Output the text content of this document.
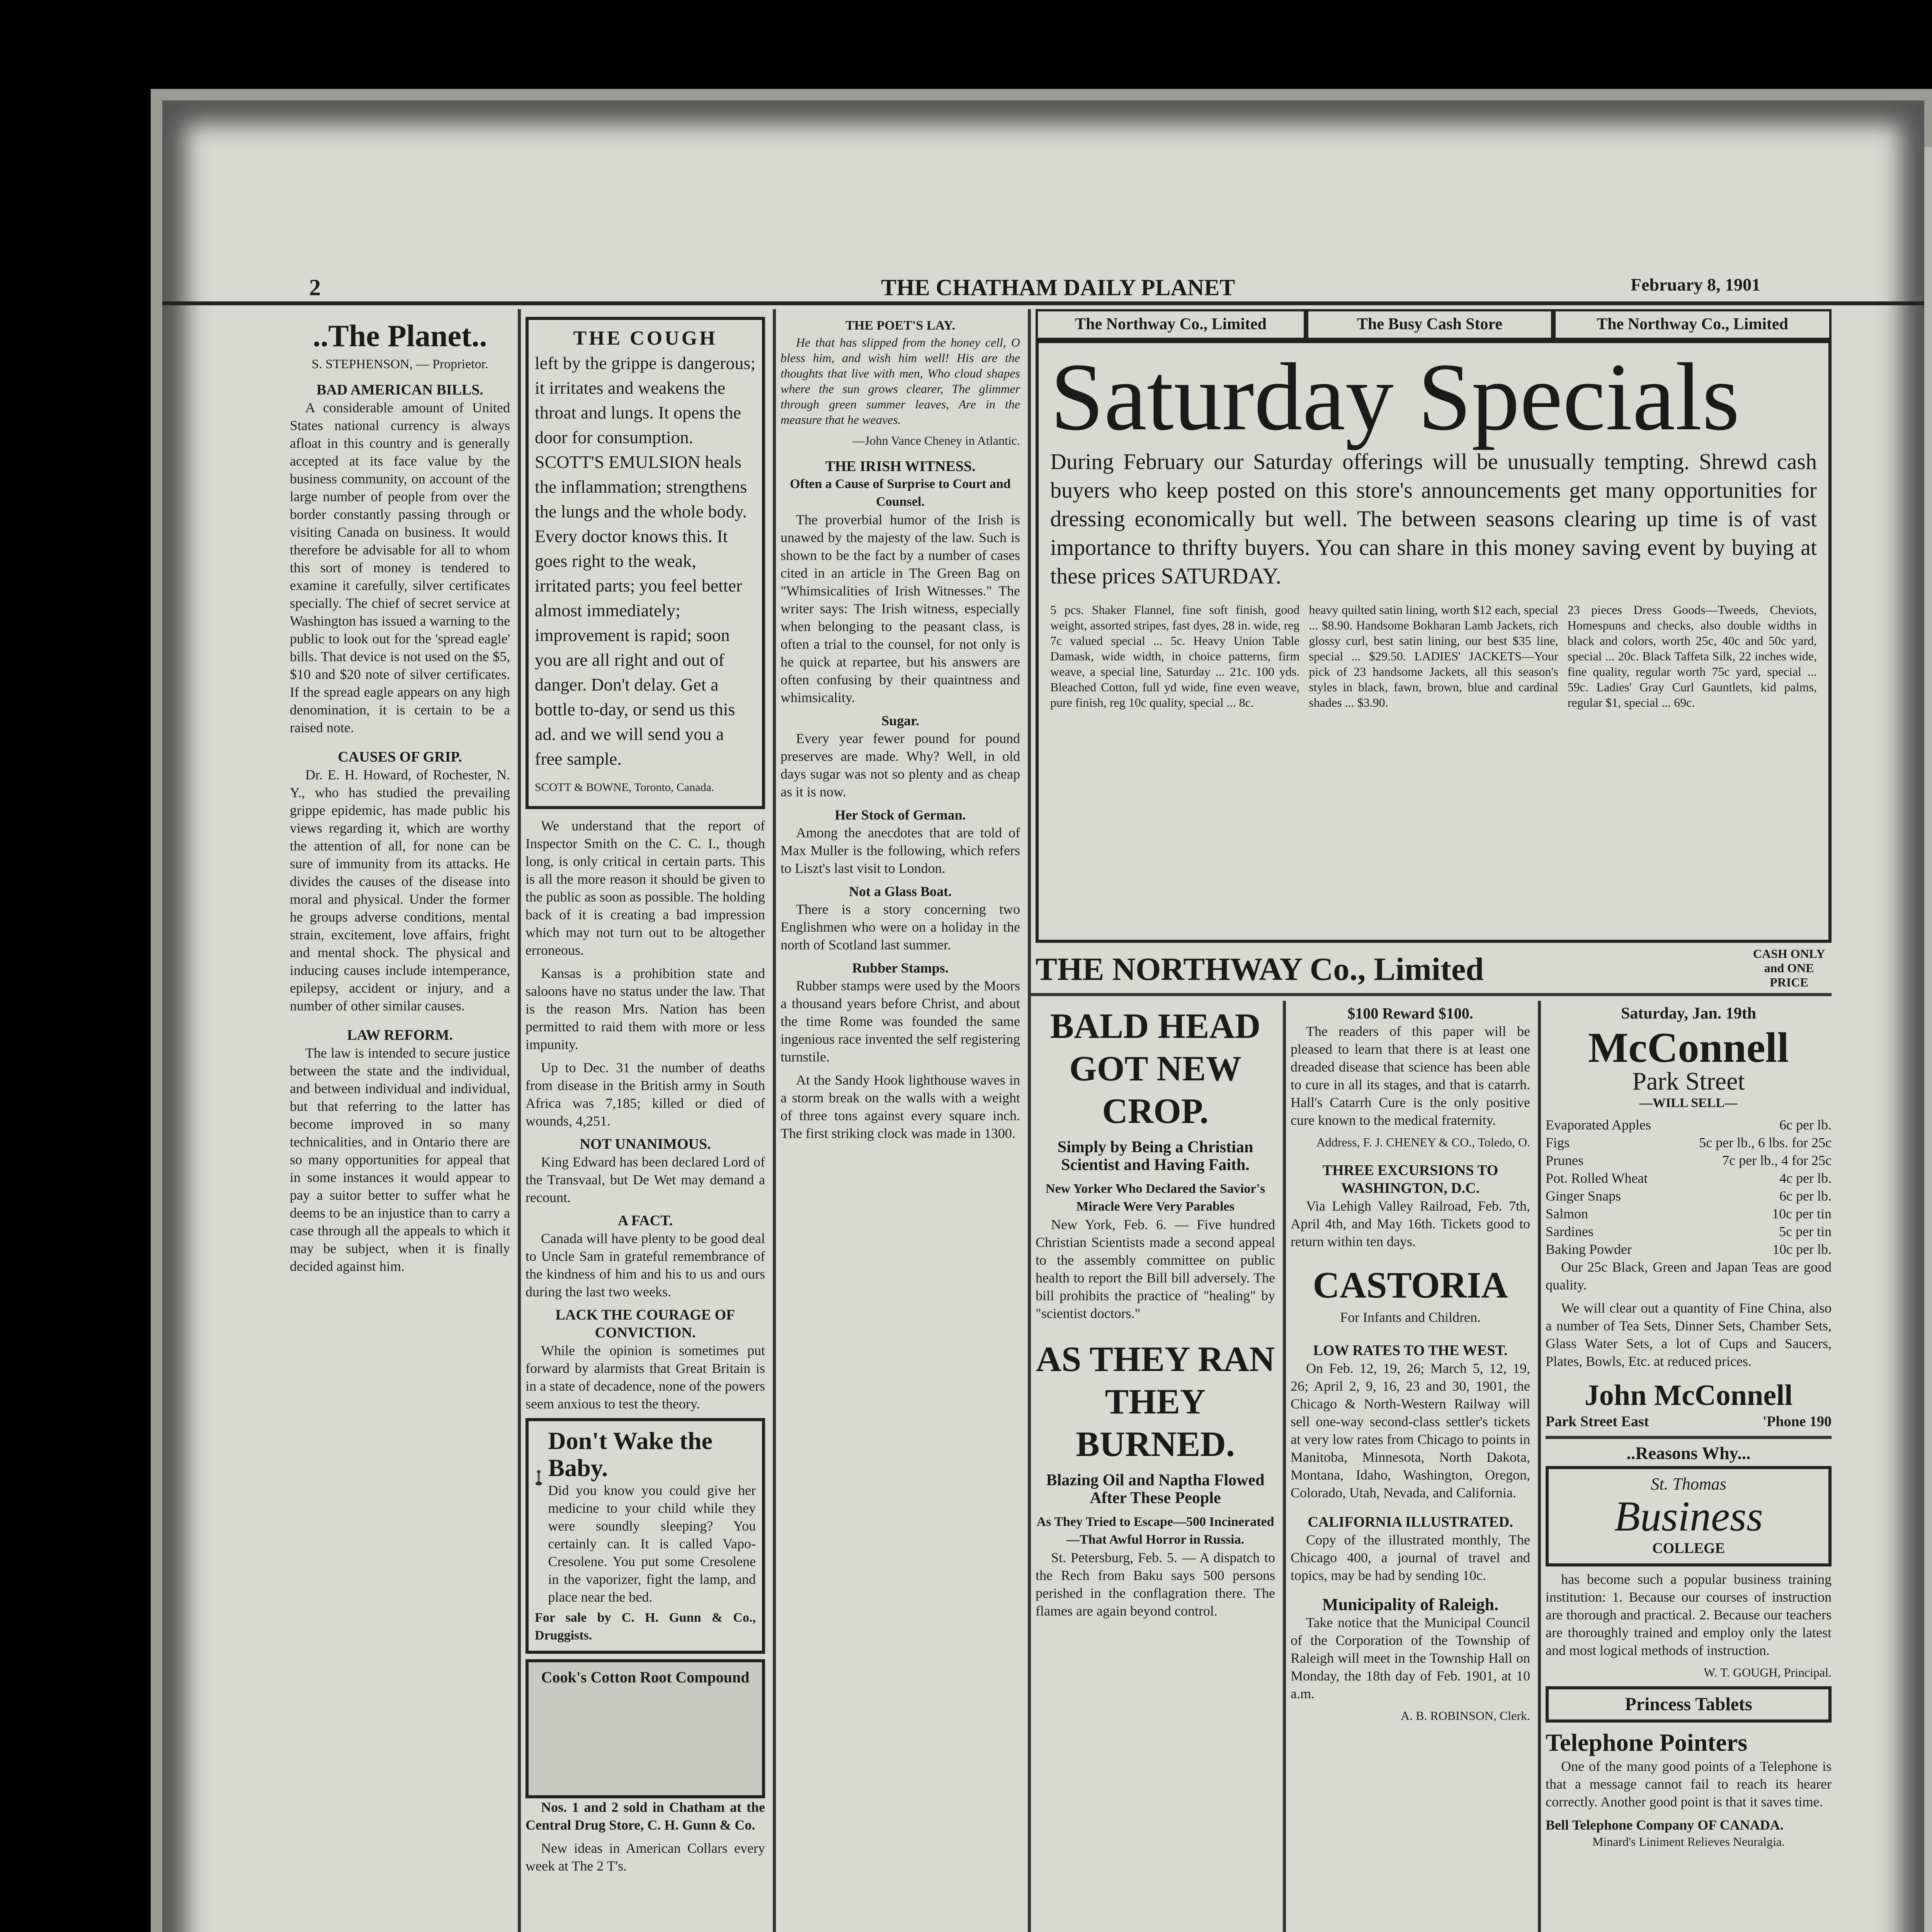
2	THE CHATHAM DAILY PLANET	February 8, 1901
..The Planet..
S. STEPHENSON, — Proprietor.
BAD AMERICAN BILLS.

A considerable amount of United States national currency is always afloat in this country and is generally accepted at its face value by the business community, on account of the large number of people from over the border constantly passing through or visiting Canada on business. It would therefore be advisable for all to whom this sort of money is tendered to examine it carefully, silver certificates specially. The chief of secret service at Washington has issued a warning to the public to look out for the 'spread eagle' bills. That device is not used on the $5, $10 and $20 note of silver certificates. If the spread eagle appears on any high denomination, it is certain to be a raised note.

CAUSES OF GRIP.

Dr. E. H. Howard, of Rochester, N. Y., who has studied the prevailing grippe epidemic, has made public his views regarding it, which are worthy the attention of all, for none can be sure of immunity from its attacks. He divides the causes of the disease into moral and physical. Under the former he groups adverse conditions, mental strain, excitement, love affairs, fright and mental shock. The physical and inducing causes include intemperance, epilepsy, accident or injury, and a number of other similar causes.

LAW REFORM.

The law is intended to secure justice between the state and the individual, and between individual and individual, but that referring to the latter has become improved in so many technicalities, and in Ontario there are so many opportunities for appeal that in some instances it would appear to pay a suitor better to suffer what he deems to be an injustice than to carry a case through all the appeals to which it may be subject, when it is finally decided against him.

THE COUGH
left by the grippe is dangerous; it irritates and weakens the throat and lungs. It opens the door for consumption. SCOTT'S EMULSION heals the inflammation; strengthens the lungs and the whole body. Every doctor knows this. It goes right to the weak, irritated parts; you feel better almost immediately; improvement is rapid; soon you are all right and out of danger. Don't delay. Get a bottle to-day, or send us this ad. and we will send you a free sample.
SCOTT & BOWNE, Toronto, Canada.

We understand that the report of Inspector Smith on the C. C. I., though long, is only critical in certain parts. This is all the more reason it should be given to the public as soon as possible. The holding back of it is creating a bad impression which may not turn out to be altogether erroneous.

Kansas is a prohibition state and saloons have no status under the law. That is the reason Mrs. Nation has been permitted to raid them with more or less impunity.

Up to Dec. 31 the number of deaths from disease in the British army in South Africa was 7,185; killed or died of wounds, 4,251.

NOT UNANIMOUS.

King Edward has been declared Lord of the Transvaal, but De Wet may demand a recount.

A FACT.

Canada will have plenty to be good deal to Uncle Sam in grateful remembrance of the kindness of him and his to us and ours during the last two weeks.

LACK THE COURAGE OF CONVICTION.

While the opinion is sometimes put forward by alarmists that Great Britain is in a state of decadence, none of the powers seem anxious to test the theory.

Don't Wake the Baby.
Did you know you could give her medicine to your child while they were soundly sleeping? You certainly can. It is called Vapo-Cresolene. You put some Cresolene in the vaporizer, fight the lamp, and place near the bed.
For sale by C. H. Gunn & Co., Druggists.
Cook's Cotton Root Compound

Nos. 1 and 2 sold in Chatham at the Central Drug Store, C. H. Gunn & Co.

New ideas in American Collars every week at The 2 T's.

THE POET'S LAY.

He that has slipped from the honey cell, O bless him, and wish him well! His are the thoughts that live with men, Who cloud shapes where the sun grows clearer, The glimmer through green summer leaves, Are in the measure that he weaves.

—John Vance Cheney in Atlantic.
THE IRISH WITNESS.
Often a Cause of Surprise to Court and Counsel.

The proverbial humor of the Irish is unawed by the majesty of the law. Such is shown to be the fact by a number of cases cited in an article in The Green Bag on "Whimsicalities of Irish Witnesses." The writer says: The Irish witness, especially when belonging to the peasant class, is often a trial to the counsel, for not only is he quick at repartee, but his answers are often confusing by their quaintness and whimsicality.

Sugar.

Every year fewer pound for pound preserves are made. Why? Well, in old days sugar was not so plenty and as cheap as it is now.

Her Stock of German.

Among the anecdotes that are told of Max Muller is the following, which refers to Liszt's last visit to London.

Not a Glass Boat.

There is a story concerning two Englishmen who were on a holiday in the north of Scotland last summer.

Rubber Stamps.

Rubber stamps were used by the Moors a thousand years before Christ, and about the time Rome was founded the same ingenious race invented the self registering turnstile.

At the Sandy Hook lighthouse waves in a storm break on the walls with a weight of three tons against every square inch. The first striking clock was made in 1300.

The Northway Co., Limited	The Busy Cash Store	The Northway Co., Limited
Saturday Specials
During February our Saturday offerings will be unusually tempting. Shrewd cash buyers who keep posted on this store's announcements get many opportunities for dressing economically but well. The between seasons clearing up time is of vast importance to thrifty buyers. You can share in this money saving event by buying at these prices SATURDAY.
5 pcs. Shaker Flannel, fine soft finish, good weight, assorted stripes, fast dyes, 28 in. wide, reg 7c valued special ... 5c. Heavy Union Table Damask, wide width, in choice patterns, firm weave, a special line, Saturday ... 21c. 100 yds. Bleached Cotton, full yd wide, fine even weave, pure finish, reg 10c quality, special ... 8c.
heavy quilted satin lining, worth $12 each, special ... $8.90. Handsome Bokharan Lamb Jackets, rich glossy curl, best satin lining, our best $35 line, special ... $29.50. LADIES' JACKETS—Your pick of 23 handsome Jackets, all this season's styles in black, fawn, brown, blue and cardinal shades ... $3.90.
23 pieces Dress Goods—Tweeds, Cheviots, Homespuns and checks, also double widths in black and colors, worth 25c, 40c and 50c yard, special ... 20c. Black Taffeta Silk, 22 inches wide, fine quality, regular worth 75c yard, special ... 59c. Ladies' Gray Curl Gauntlets, kid palms, regular $1, special ... 69c.
THE NORTHWAY Co., Limited	CASH ONLY and ONE PRICE
BALD HEAD
GOT NEW CROP.
Simply by Being a Christian Scientist and Having Faith.
New Yorker Who Declared the Savior's Miracle Were Very Parables

New York, Feb. 6. — Five hundred Christian Scientists made a second appeal to the assembly committee on public health to report the Bill bill adversely. The bill prohibits the practice of "healing" by "scientist doctors."

AS THEY RAN
THEY BURNED.
Blazing Oil and Naptha Flowed After These People
As They Tried to Escape—500 Incinerated—That Awful Horror in Russia.

St. Petersburg, Feb. 5. — A dispatch to the Rech from Baku says 500 persons perished in the conflagration there. The flames are again beyond control.

$100 Reward $100.

The readers of this paper will be pleased to learn that there is at least one dreaded disease that science has been able to cure in all its stages, and that is catarrh. Hall's Catarrh Cure is the only positive cure known to the medical fraternity.

Address, F. J. CHENEY & CO., Toledo, O.
THREE EXCURSIONS TO WASHINGTON, D.C.

Via Lehigh Valley Railroad, Feb. 7th, April 4th, and May 16th. Tickets good to return within ten days.

CASTORIA
For Infants and Children.
LOW RATES TO THE WEST.

On Feb. 12, 19, 26; March 5, 12, 19, 26; April 2, 9, 16, 23 and 30, 1901, the Chicago & North-Western Railway will sell one-way second-class settler's tickets at very low rates from Chicago to points in Manitoba, Minnesota, North Dakota, Montana, Idaho, Washington, Oregon, Colorado, Utah, Nevada, and California.

CALIFORNIA ILLUSTRATED.

Copy of the illustrated monthly, The Chicago 400, a journal of travel and topics, may be had by sending 10c.

Municipality of Raleigh.

Take notice that the Municipal Council of the Corporation of the Township of Raleigh will meet in the Township Hall on Monday, the 18th day of Feb. 1901, at 10 a.m.

A. B. ROBINSON, Clerk.
Saturday, Jan. 19th
McConnell
Park Street
—WILL SELL—
Evaporated Apples	6c per lb.
Figs	5c per lb., 6 lbs. for 25c
Prunes	7c per lb., 4 for 25c
Pot. Rolled Wheat	4c per lb.
Ginger Snaps	6c per lb.
Salmon	10c per tin
Sardines	5c per tin
Baking Powder	10c per lb.

Our 25c Black, Green and Japan Teas are good quality.

We will clear out a quantity of Fine China, also a number of Tea Sets, Dinner Sets, Chamber Sets, Glass Water Sets, a lot of Cups and Saucers, Plates, Bowls, Etc. at reduced prices.

John McConnell
Park Street East	'Phone 190
..Reasons Why...
St. Thomas
Business
COLLEGE

has become such a popular business training institution: 1. Because our courses of instruction are thorough and practical. 2. Because our teachers are thoroughly trained and employ only the latest and most logical methods of instruction.

W. T. GOUGH, Principal.
Princess Tablets
Telephone Pointers

One of the many good points of a Telephone is that a message cannot fail to reach its hearer correctly. Another good point is that it saves time.

Bell Telephone Company OF CANADA.
Minard's Liniment Relieves Neuralgia.
